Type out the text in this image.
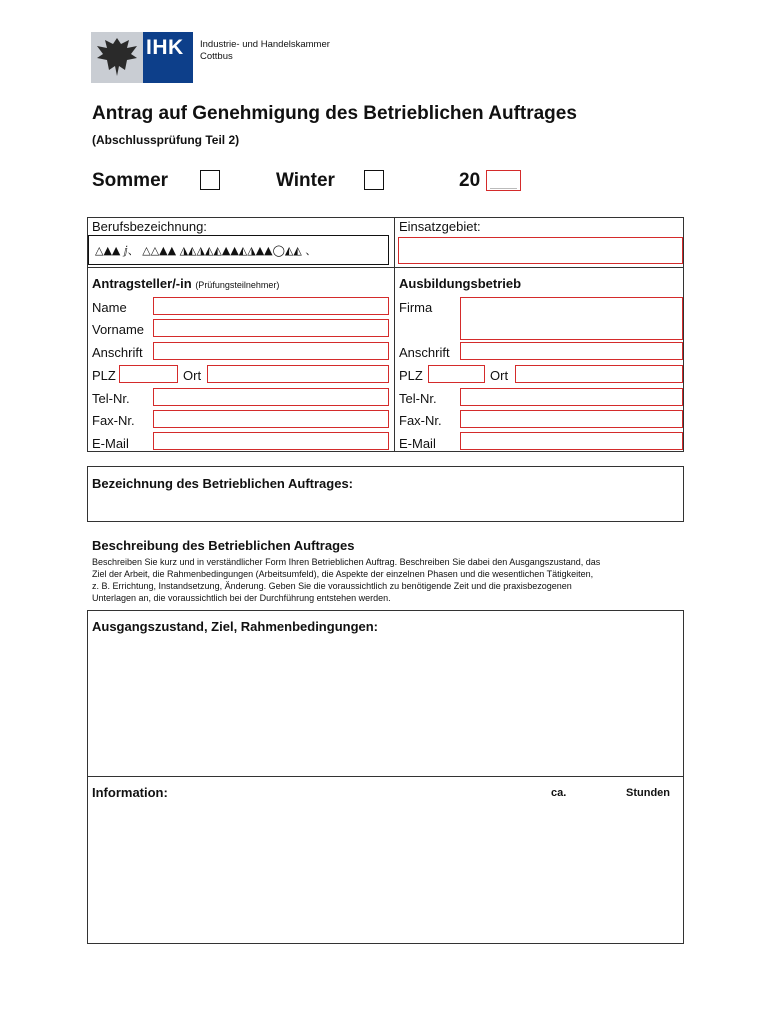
IHK Industrie- und Handelskammer
Cottbus
Antrag auf Genehmigung des Betrieblichen Auftrages
(Abschlussprüfung Teil 2)
Sommer	Winter	20
Berufsbezeichnung:
△▲▲ ⅉ、 △△▲▲ ◮◭◮◭◭▲▲◭◮▲▲◯◭◭ 、
Einsatzgebiet:
Antragsteller/-in (Prüfungsteilnehmer)
Name
Vorname
Anschrift
PLZ	Ort
Tel-Nr.
Fax-Nr.
E-Mail
Ausbildungsbetrieb
Firma
Anschrift
PLZ	Ort
Tel-Nr.
Fax-Nr.
E-Mail
Bezeichnung des Betrieblichen Auftrages:
Beschreibung des Betrieblichen Auftrages
Beschreiben Sie kurz und in verständlicher Form Ihren Betrieblichen Auftrag. Beschreiben Sie dabei den Ausgangszustand, das
Ziel der Arbeit, die Rahmenbedingungen (Arbeitsumfeld), die Aspekte der einzelnen Phasen und die wesentlichen Tätigkeiten,
z. B. Errichtung, Instandsetzung, Änderung. Geben Sie die voraussichtlich zu benötigende Zeit und die praxisbezogenen
Unterlagen an, die voraussichtlich bei der Durchführung entstehen werden.
Ausgangszustand, Ziel, Rahmenbedingungen:
Information:	ca.	Stunden
